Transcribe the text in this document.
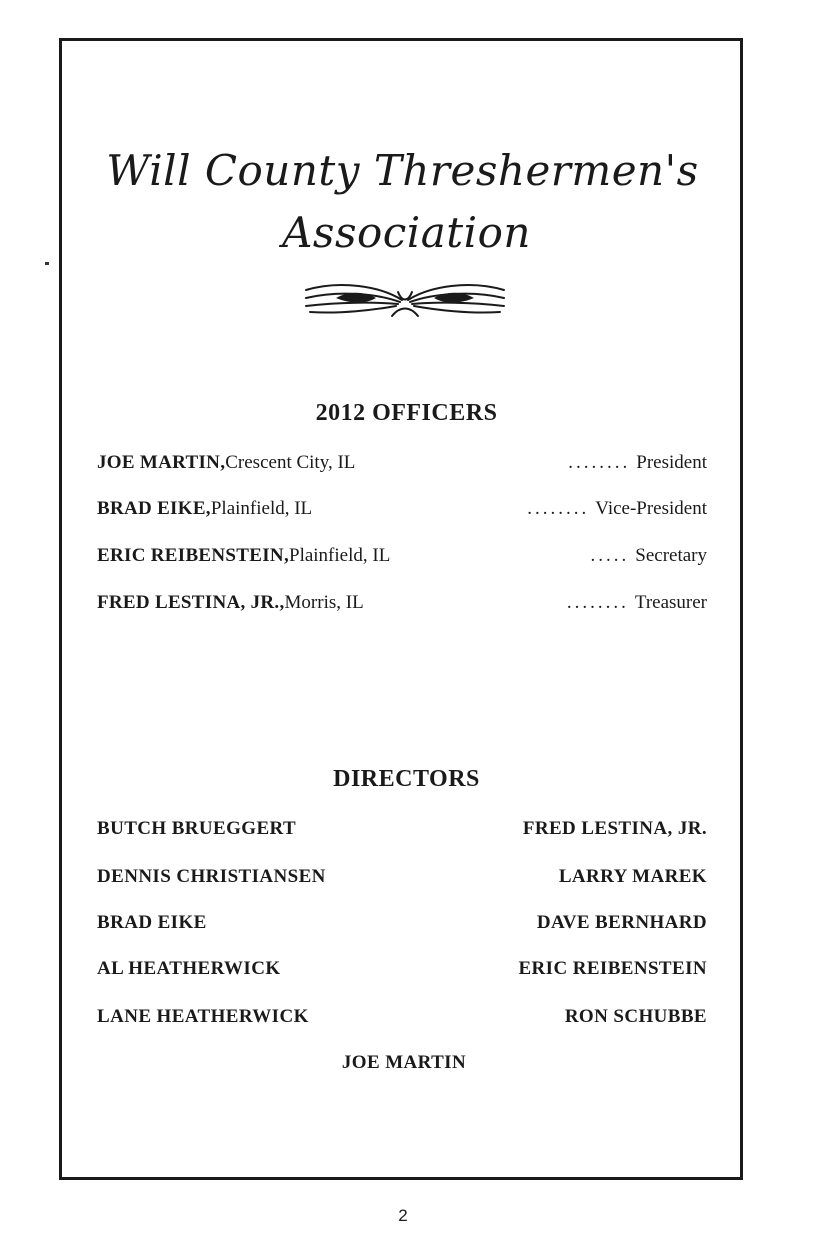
Will County Threshermen's
Association
2012 OFFICERS
JOE MARTIN, Crescent City, IL	........ President
BRAD EIKE, Plainfield, IL	........ Vice-President
ERIC REIBENSTEIN, Plainfield, IL	..... Secretary
FRED LESTINA, JR., Morris, IL	........ Treasurer
DIRECTORS
BUTCH BRUEGGERT	FRED LESTINA, JR.
DENNIS CHRISTIANSEN	LARRY MAREK
BRAD EIKE	DAVE BERNHARD
AL HEATHERWICK	ERIC REIBENSTEIN
LANE HEATHERWICK	RON SCHUBBE
JOE MARTIN
2
